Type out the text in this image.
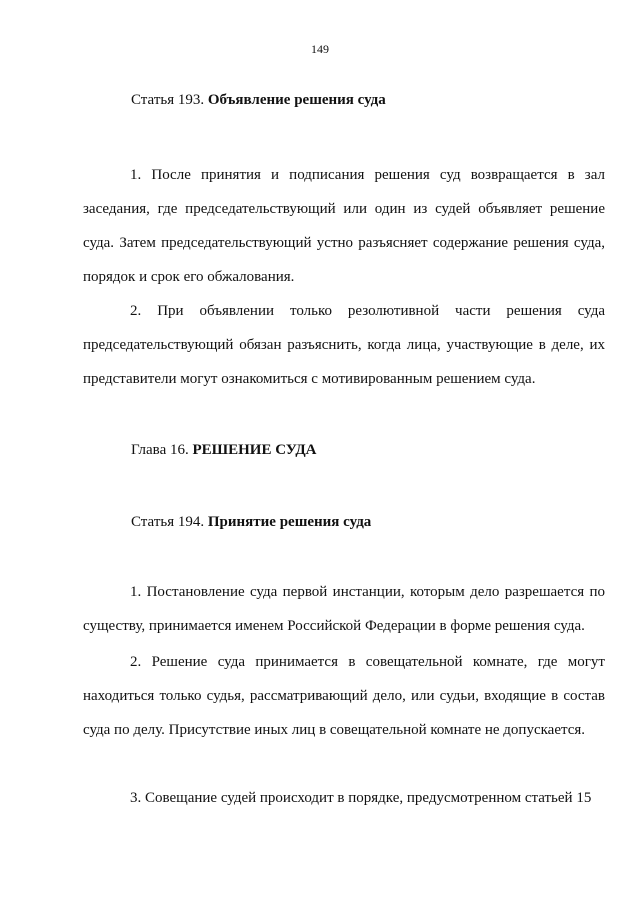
149
Статья 193. Объявление решения суда

1. После принятия и подписания решения суд возвращается в зал заседания, где председательствующий или один из судей объявляет решение суда. Затем председательствующий устно разъясняет содержание решения суда, порядок и срок его обжалования.

2. При объявлении только резолютивной части решения суда председательствующий обязан разъяснить, когда лица, участвующие в деле, их представители могут ознакомиться с мотивированным решением суда.

Глава 16. РЕШЕНИЕ СУДА
Статья 194. Принятие решения суда

1. Постановление суда первой инстанции, которым дело разрешается по существу, принимается именем Российской Федерации в форме решения суда.

2. Решение суда принимается в совещательной комнате, где могут находиться только судья, рассматривающий дело, или судьи, входящие в состав суда по делу. Присутствие иных лиц в совещательной комнате не допускается.

3. Совещание судей происходит в порядке, предусмотренном статьей 15
